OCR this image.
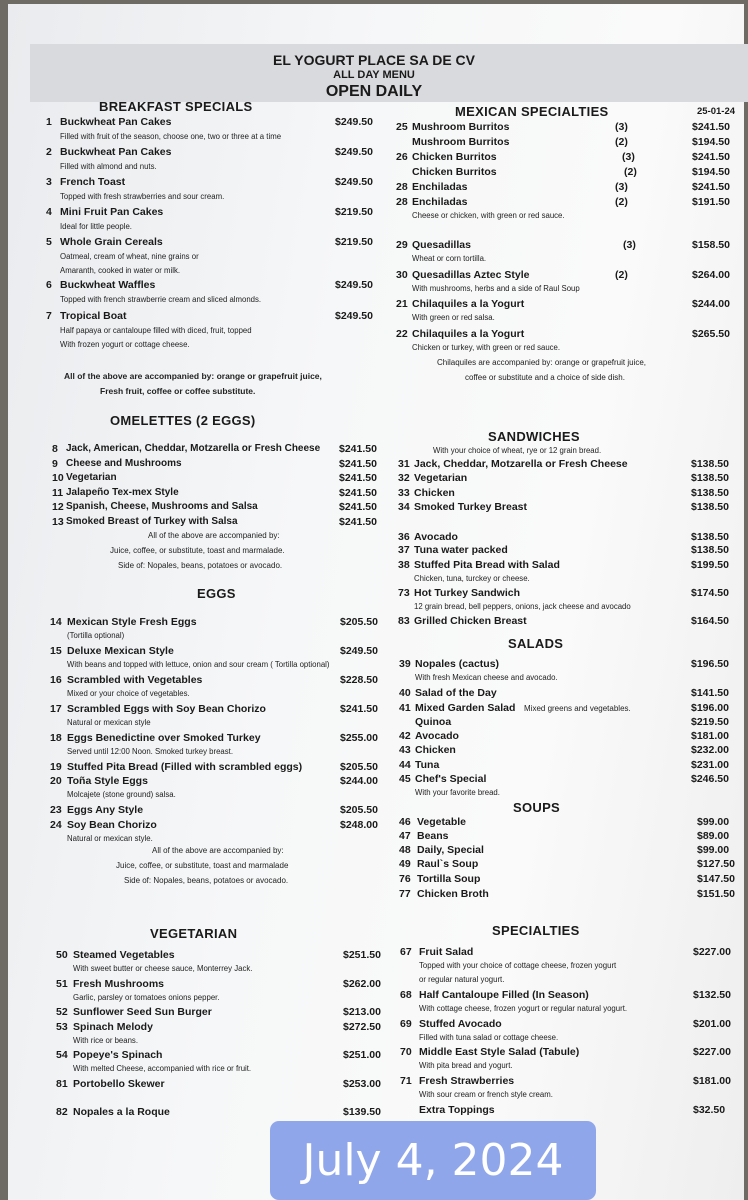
EL YOGURT PLACE SA DE CV
ALL DAY MENU
OPEN DAILY
25-01-24
BREAKFAST SPECIALS
1 Buckwheat Pan Cakes	$249.50
Filled with fruit of the season, choose one, two or three at a time
2 Buckwheat Pan Cakes	$249.50
Filled with almond and nuts.
3 French Toast	$249.50
Topped with fresh strawberries and sour cream.
4 Mini Fruit Pan Cakes	$219.50
Ideal for little people.
5 Whole Grain Cereals	$219.50
Oatmeal, cream of wheat, nine grains or
Amaranth, cooked in water or milk.
6 Buckwheat Waffles	$249.50
Topped with french strawberrie cream and sliced almonds.
7 Tropical Boat	$249.50
Half papaya or cantaloupe filled with diced, fruit, topped
With frozen yogurt or cottage cheese.
All of the above are accompanied by: orange or grapefruit juice,
Fresh fruit, coffee or coffee substitute.
OMELETTES (2 EGGS)
8 Jack, American, Cheddar, Motzarella or Fresh Cheese $241.50
9 Cheese and Mushrooms	$241.50
10 Vegetarian	$241.50
11 Jalapeño Tex-mex Style	$241.50
12 Spanish, Cheese, Mushrooms and Salsa	$241.50
13 Smoked Breast of Turkey with Salsa	$241.50
All of the above are accompanied by:
Juice, coffee, or substitute, toast and marmalade.
Side of: Nopales, beans, potatoes or avocado.
EGGS
14 Mexican Style Fresh Eggs	$205.50
(Tortilla optional)
15 Deluxe Mexican Style	$249.50
With beans and topped with lettuce, onion and sour cream ( Tortilla optional)
16 Scrambled with Vegetables	$228.50
Mixed or your choice of vegetables.
17 Scrambled Eggs with Soy Bean Chorizo	$241.50
Natural or mexican style
18 Eggs Benedictine over Smoked Turkey	$255.00
Served until 12:00 Noon. Smoked turkey breast.
19 Stuffed Pita Bread (Filled with scrambled eggs)	$205.50
20 Toña Style Eggs	$244.00
Molcajete (stone ground) salsa.
23 Eggs Any Style	$205.50
24 Soy Bean Chorizo	$248.00
Natural or mexican style.
All of the above are accompanied by:
Juice, coffee, or substitute, toast and marmalade
Side of: Nopales, beans, potatoes or avocado.
VEGETARIAN
50 Steamed Vegetables	$251.50
With sweet butter or cheese sauce, Monterrey Jack.
51 Fresh Mushrooms	$262.00
Garlic, parsley or tomatoes onions pepper.
52 Sunflower Seed Sun Burger	$213.00
53 Spinach Melody	$272.50
With rice or beans.
54 Popeye's Spinach	$251.00
With melted Cheese, accompanied with rice or fruit.
81 Portobello Skewer	$253.00
82 Nopales a la Roque	$139.50
MEXICAN SPECIALTIES
25 Mushroom Burritos	(3)	$241.50
Mushroom Burritos	(2)	$194.50
26 Chicken Burritos	(3)	$241.50
Chicken Burritos	(2)	$194.50
28 Enchiladas	(3)	$241.50
28 Enchiladas	(2)	$191.50
Cheese or chicken, with green or red sauce.
29 Quesadillas	(3)	$158.50
Wheat or corn tortilla.
30 Quesadillas Aztec Style	(2)	$264.00
With mushrooms, herbs and a side of Raul Soup
21 Chilaquiles a la Yogurt	$244.00
With green or red salsa.
22 Chilaquiles a la Yogurt	$265.50
Chicken or turkey, with green or red sauce.
Chilaquiles are accompanied by: orange or grapefruit juice,
coffee or substitute and a choice of side dish.
SANDWICHES
With your choice of wheat, rye or 12 grain bread.
31 Jack, Cheddar, Motzarella or Fresh Cheese	$138.50
32 Vegetarian	$138.50
33 Chicken	$138.50
34 Smoked Turkey Breast	$138.50
36 Avocado	$138.50
37 Tuna water packed	$138.50
38 Stuffed Pita Bread with Salad	$199.50
Chicken, tuna, turckey or cheese.
73 Hot Turkey Sandwich	$174.50
12 grain bread, bell peppers, onions, jack cheese and avocado
83 Grilled Chicken Breast	$164.50
SALADS
39 Nopales (cactus)	$196.50
With fresh Mexican cheese and avocado.
40 Salad of the Day	$141.50
41 Mixed Garden Salad Mixed greens and vegetables.	$196.00
Quinoa	$219.50
42 Avocado	$181.00
43 Chicken	$232.00
44 Tuna	$231.00
45 Chef's Special	$246.50
With your favorite bread.
SOUPS
46 Vegetable	$99.00
47 Beans	$89.00
48 Daily, Special	$99.00
49 Raul`s Soup	$127.50
76 Tortilla Soup	$147.50
77 Chicken Broth	$151.50
SPECIALTIES
67 Fruit Salad	$227.00
Topped with your choice of cottage cheese, frozen yogurt
or regular natural yogurt.
68 Half Cantaloupe Filled (In Season)	$132.50
With cottage cheese, frozen yogurt or regular natural yogurt.
69 Stuffed Avocado	$201.00
Filled with tuna salad or cottage cheese.
70 Middle East Style Salad (Tabule)	$227.00
With pita bread and yogurt.
71 Fresh Strawberries	$181.00
With sour cream or french style cream.
Extra Toppings	$32.50
July 4, 2024
